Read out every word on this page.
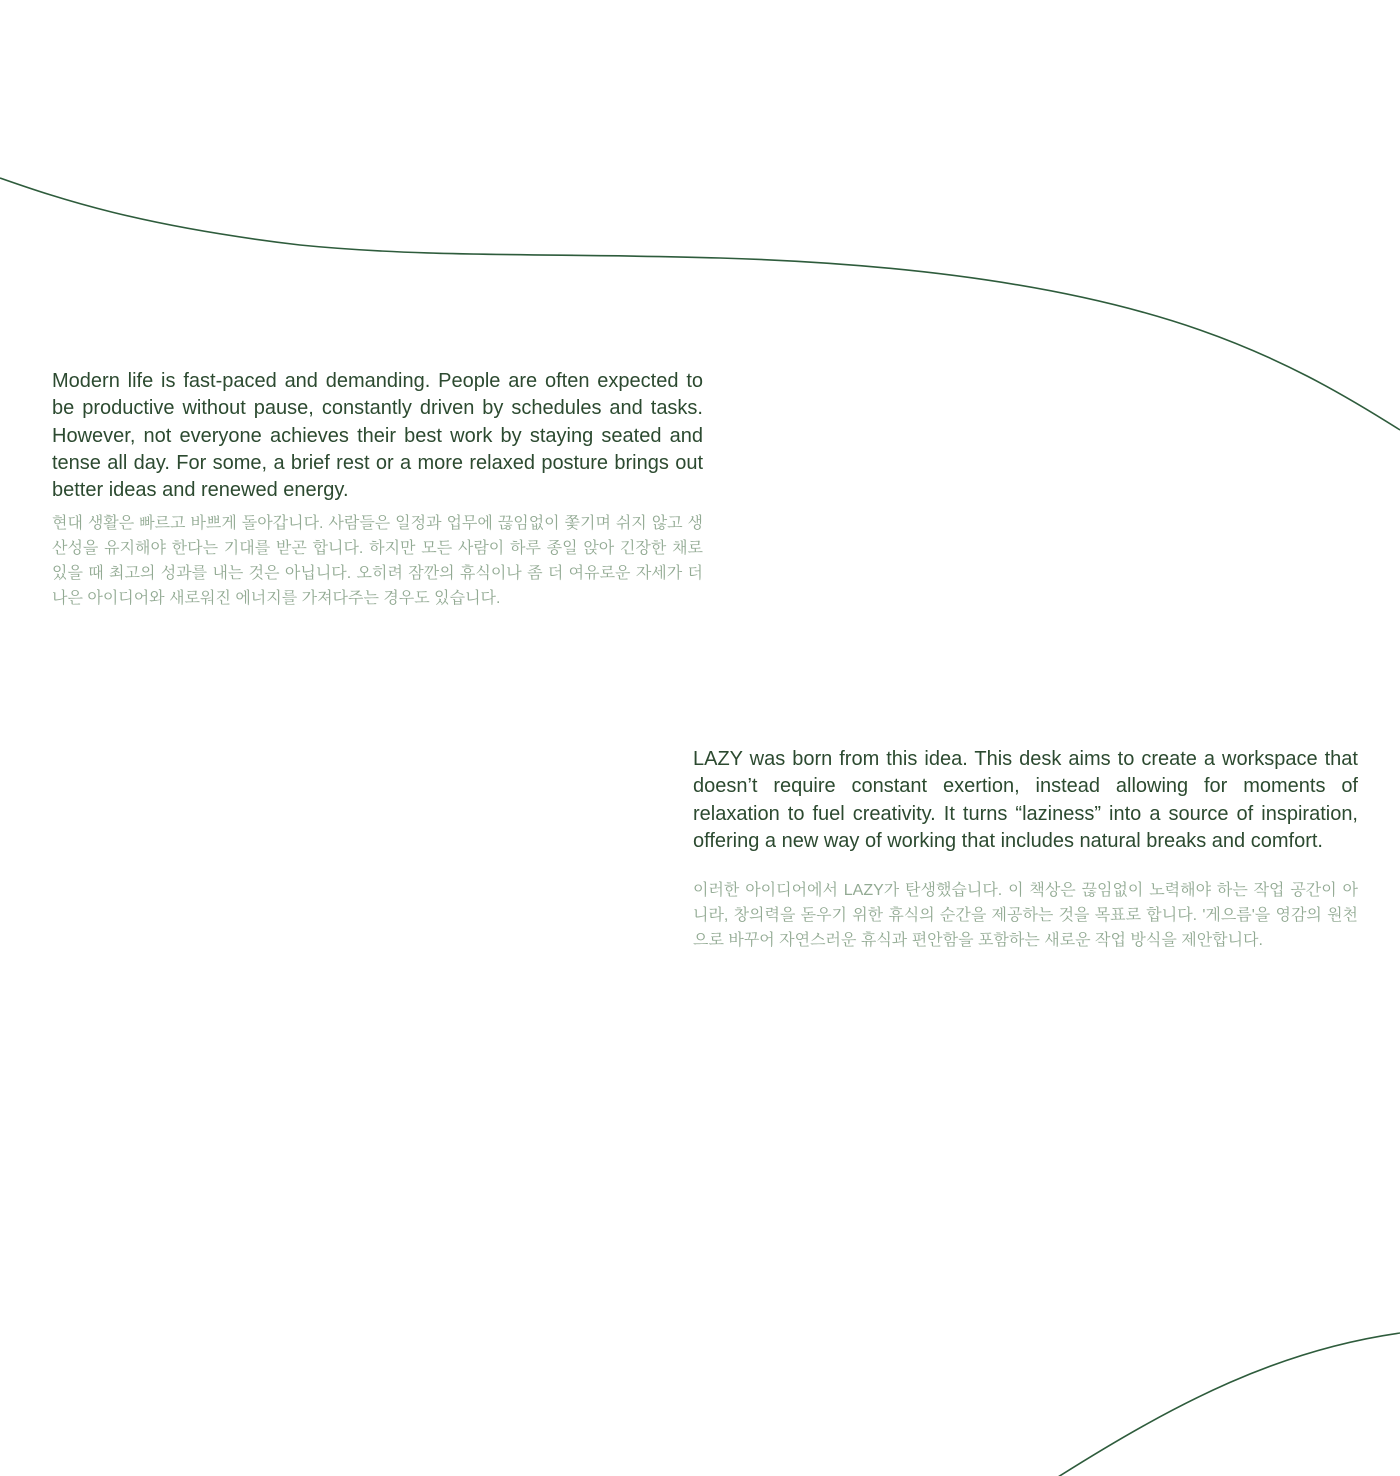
Modern life is fast-paced and demanding. People are often expected to be productive without pause, constantly driven by schedules and tasks. However, not everyone achieves their best work by staying seated and tense all day. For some, a brief rest or a more relaxed posture brings out better ideas and renewed energy.

현대 생활은 빠르고 바쁘게 돌아갑니다. 사람들은 일정과 업무에 끊임없이 쫓기며 쉬지 않고 생산성을 유지해야 한다는 기대를 받곤 합니다. 하지만 모든 사람이 하루 종일 앉아 긴장한 채로 있을 때 최고의 성과를 내는 것은 아닙니다. 오히려 잠깐의 휴식이나 좀 더 여유로운 자세가 더 나은 아이디어와 새로워진 에너지를 가져다주는 경우도 있습니다.

LAZY was born from this idea. This desk aims to create a workspace that doesn’t require constant exertion, instead allowing for moments of relaxation to fuel creativity. It turns “laziness” into a source of inspiration, offering a new way of working that includes natural breaks and comfort.

이러한 아이디어에서 LAZY가 탄생했습니다. 이 책상은 끊임없이 노력해야 하는 작업 공간이 아니라, 창의력을 돋우기 위한 휴식의 순간을 제공하는 것을 목표로 합니다. '게으름'을 영감의 원천으로 바꾸어 자연스러운 휴식과 편안함을 포함하는 새로운 작업 방식을 제안합니다.
